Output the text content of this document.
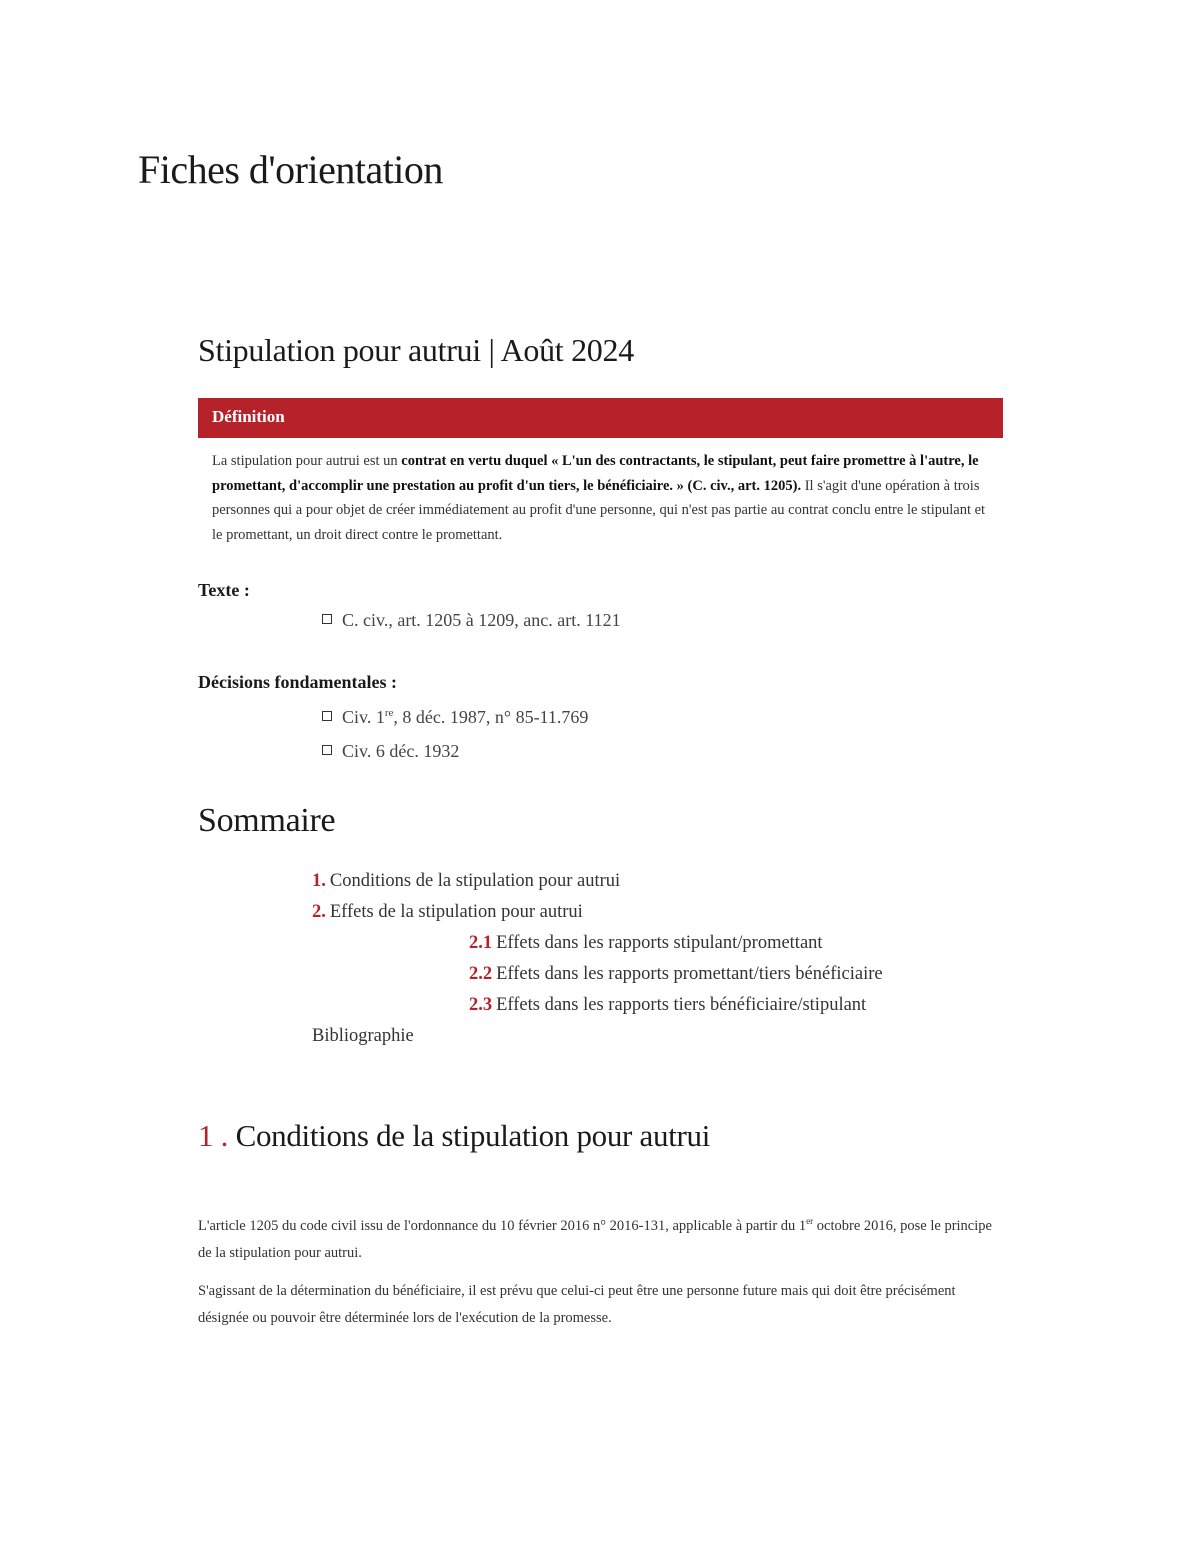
Fiches d'orientation
Stipulation pour autrui | Août 2024
Définition
La stipulation pour autrui est un contrat en vertu duquel « L'un des contractants, le stipulant, peut faire promettre à l'autre, le promettant, d'accomplir une prestation au profit d'un tiers, le bénéficiaire. » (C. civ., art. 1205). Il s'agit d'une opération à trois personnes qui a pour objet de créer immédiatement au profit d'une personne, qui n'est pas partie au contrat conclu entre le stipulant et le promettant, un droit direct contre le promettant.
Texte :
C. civ., art. 1205 à 1209, anc. art. 1121
Décisions fondamentales :
Civ. 1re, 8 déc. 1987, n° 85-11.769
Civ. 6 déc. 1932
Sommaire
1. Conditions de la stipulation pour autrui
2. Effets de la stipulation pour autrui
2.1 Effets dans les rapports stipulant/promettant
2.2 Effets dans les rapports promettant/tiers bénéficiaire
2.3 Effets dans les rapports tiers bénéficiaire/stipulant
Bibliographie
1 . Conditions de la stipulation pour autrui
L'article 1205 du code civil issu de l'ordonnance du 10 février 2016 n° 2016-131, applicable à partir du 1er octobre 2016, pose le principe de la stipulation pour autrui.
S'agissant de la détermination du bénéficiaire, il est prévu que celui-ci peut être une personne future mais qui doit être précisément désignée ou pouvoir être déterminée lors de l'exécution de la promesse.
